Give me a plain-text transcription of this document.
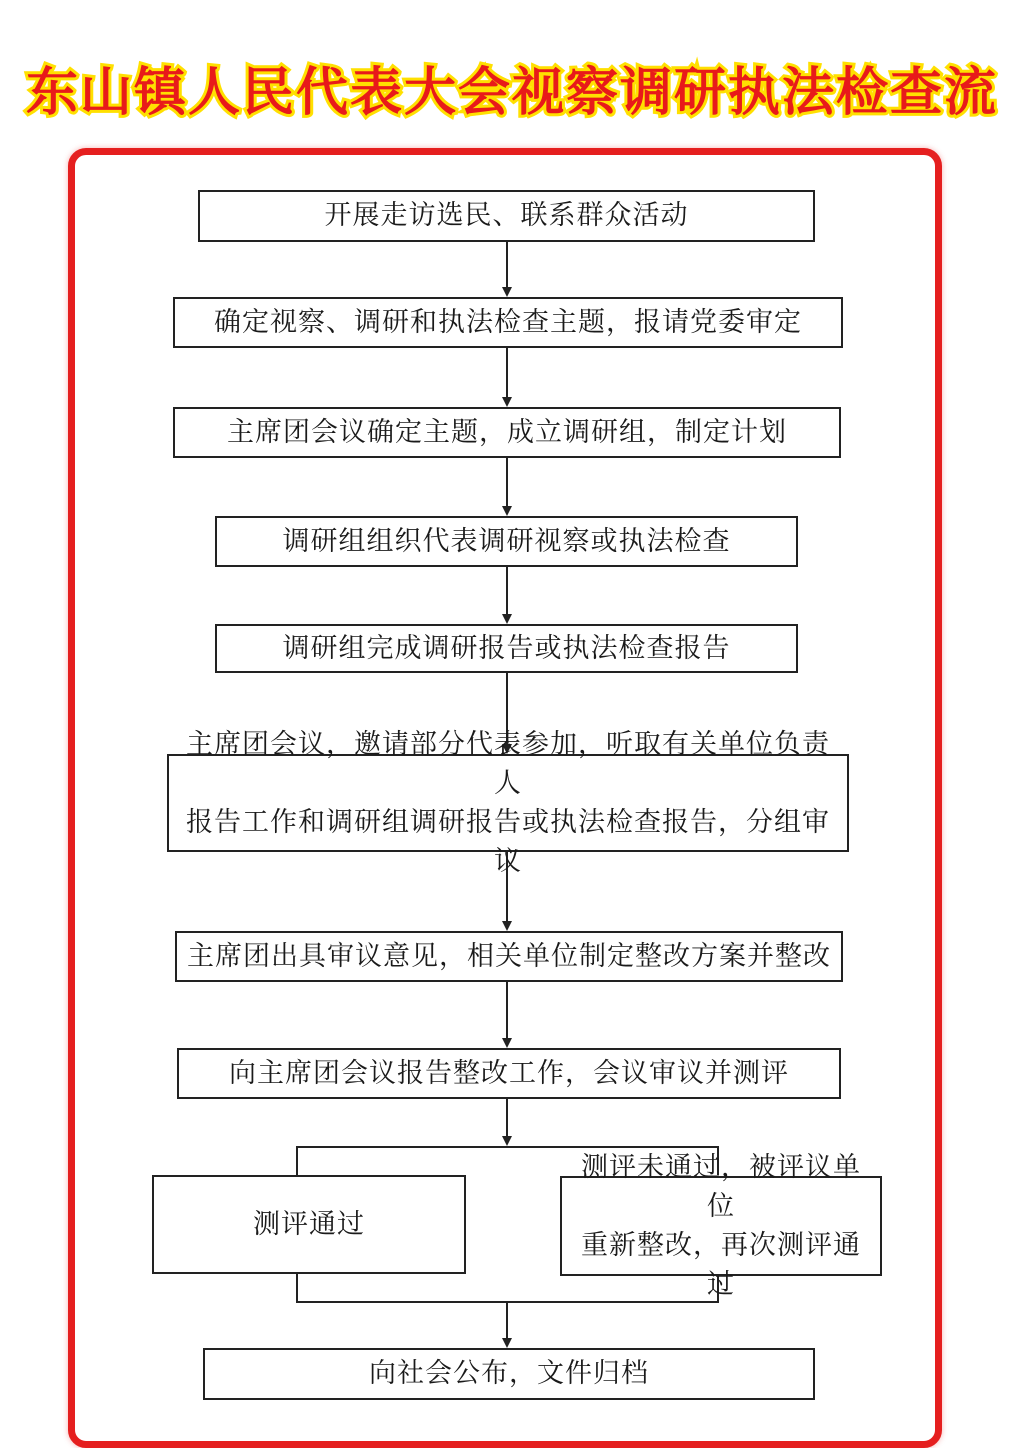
东山镇人民代表大会视察调研执法检查流
开展走访选民、联系群众活动
确定视察、调研和执法检查主题，报请党委审定
主席团会议确定主题，成立调研组，制定计划
调研组组织代表调研视察或执法检查
调研组完成调研报告或执法检查报告
主席团会议，邀请部分代表参加，听取有关单位负责人
报告工作和调研组调研报告或执法检查报告，分组审议
主席团出具审议意见，相关单位制定整改方案并整改
向主席团会议报告整改工作，会议审议并测评
测评通过
测评未通过，被评议单位
重新整改，再次测评通过
向社会公布，文件归档
